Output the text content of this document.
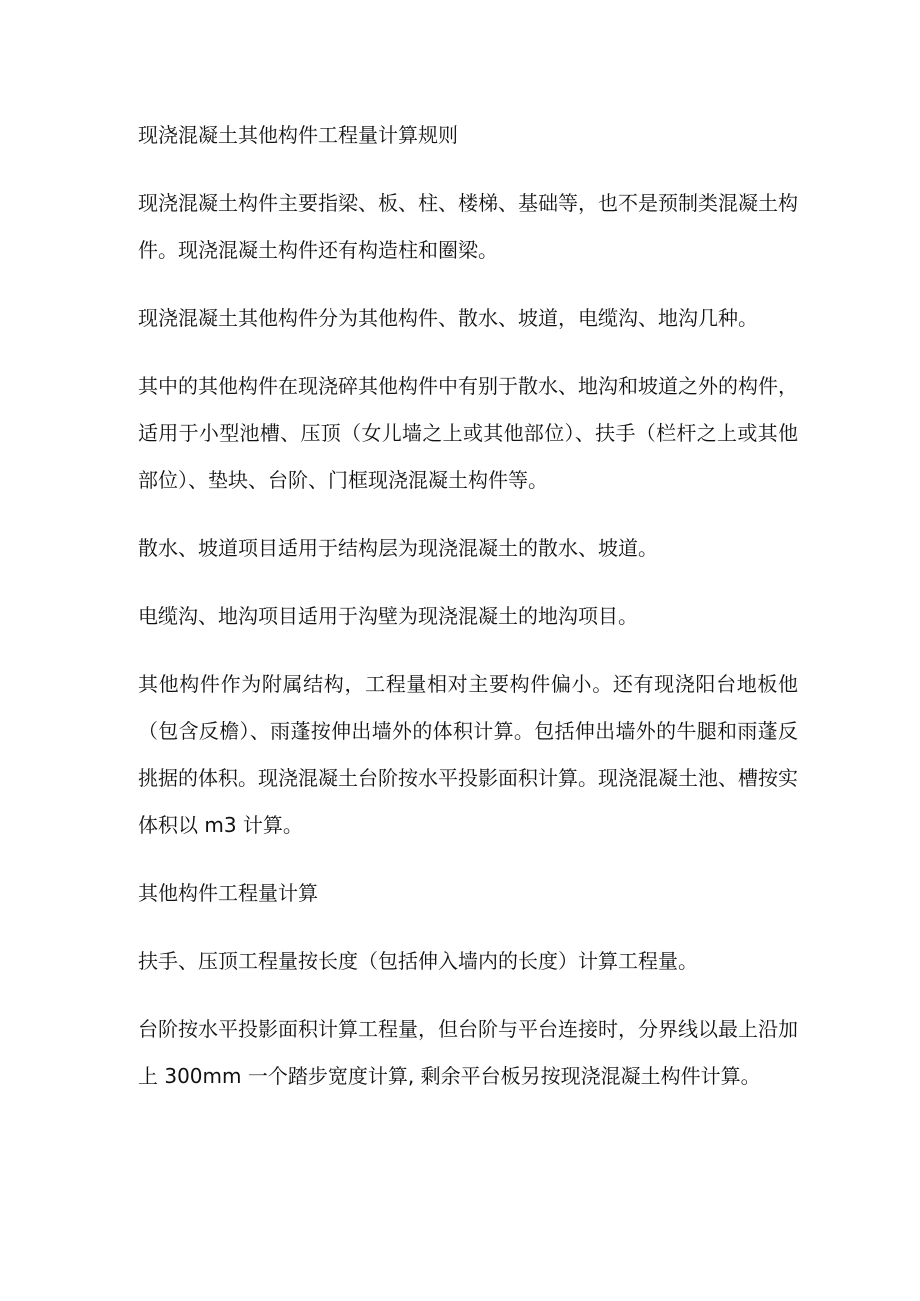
现浇混凝土其他构件工程量计算规则

现浇混凝土构件主要指梁、板、柱、楼梯、基础等，也不是预制类混凝土构件。现浇混凝土构件还有构造柱和圈梁。

现浇混凝土其他构件分为其他构件、散水、坡道，电缆沟、地沟几种。

其中的其他构件在现浇碎其他构件中有别于散水、地沟和坡道之外的构件，适用于小型池槽、压顶（女儿墙之上或其他部位）、扶手（栏杆之上或其他部位）、垫块、台阶、门框现浇混凝土构件等。

散水、坡道项目适用于结构层为现浇混凝土的散水、坡道。

电缆沟、地沟项目适用于沟壁为现浇混凝土的地沟项目。

其他构件作为附属结构，工程量相对主要构件偏小。还有现浇阳台地板他（包含反檐）、雨蓬按伸出墙外的体积计算。包括伸出墙外的牛腿和雨蓬反挑据的体积。现浇混凝土台阶按水平投影面积计算。现浇混凝土池、槽按实体积以 m3 计算。

其他构件工程量计算

扶手、压顶工程量按长度（包括伸入墙内的长度）计算工程量。

台阶按水平投影面积计算工程量，但台阶与平台连接时，分界线以最上沿加上 300mm 一个踏步宽度计算, 剩余平台板另按现浇混凝土构件计算。
